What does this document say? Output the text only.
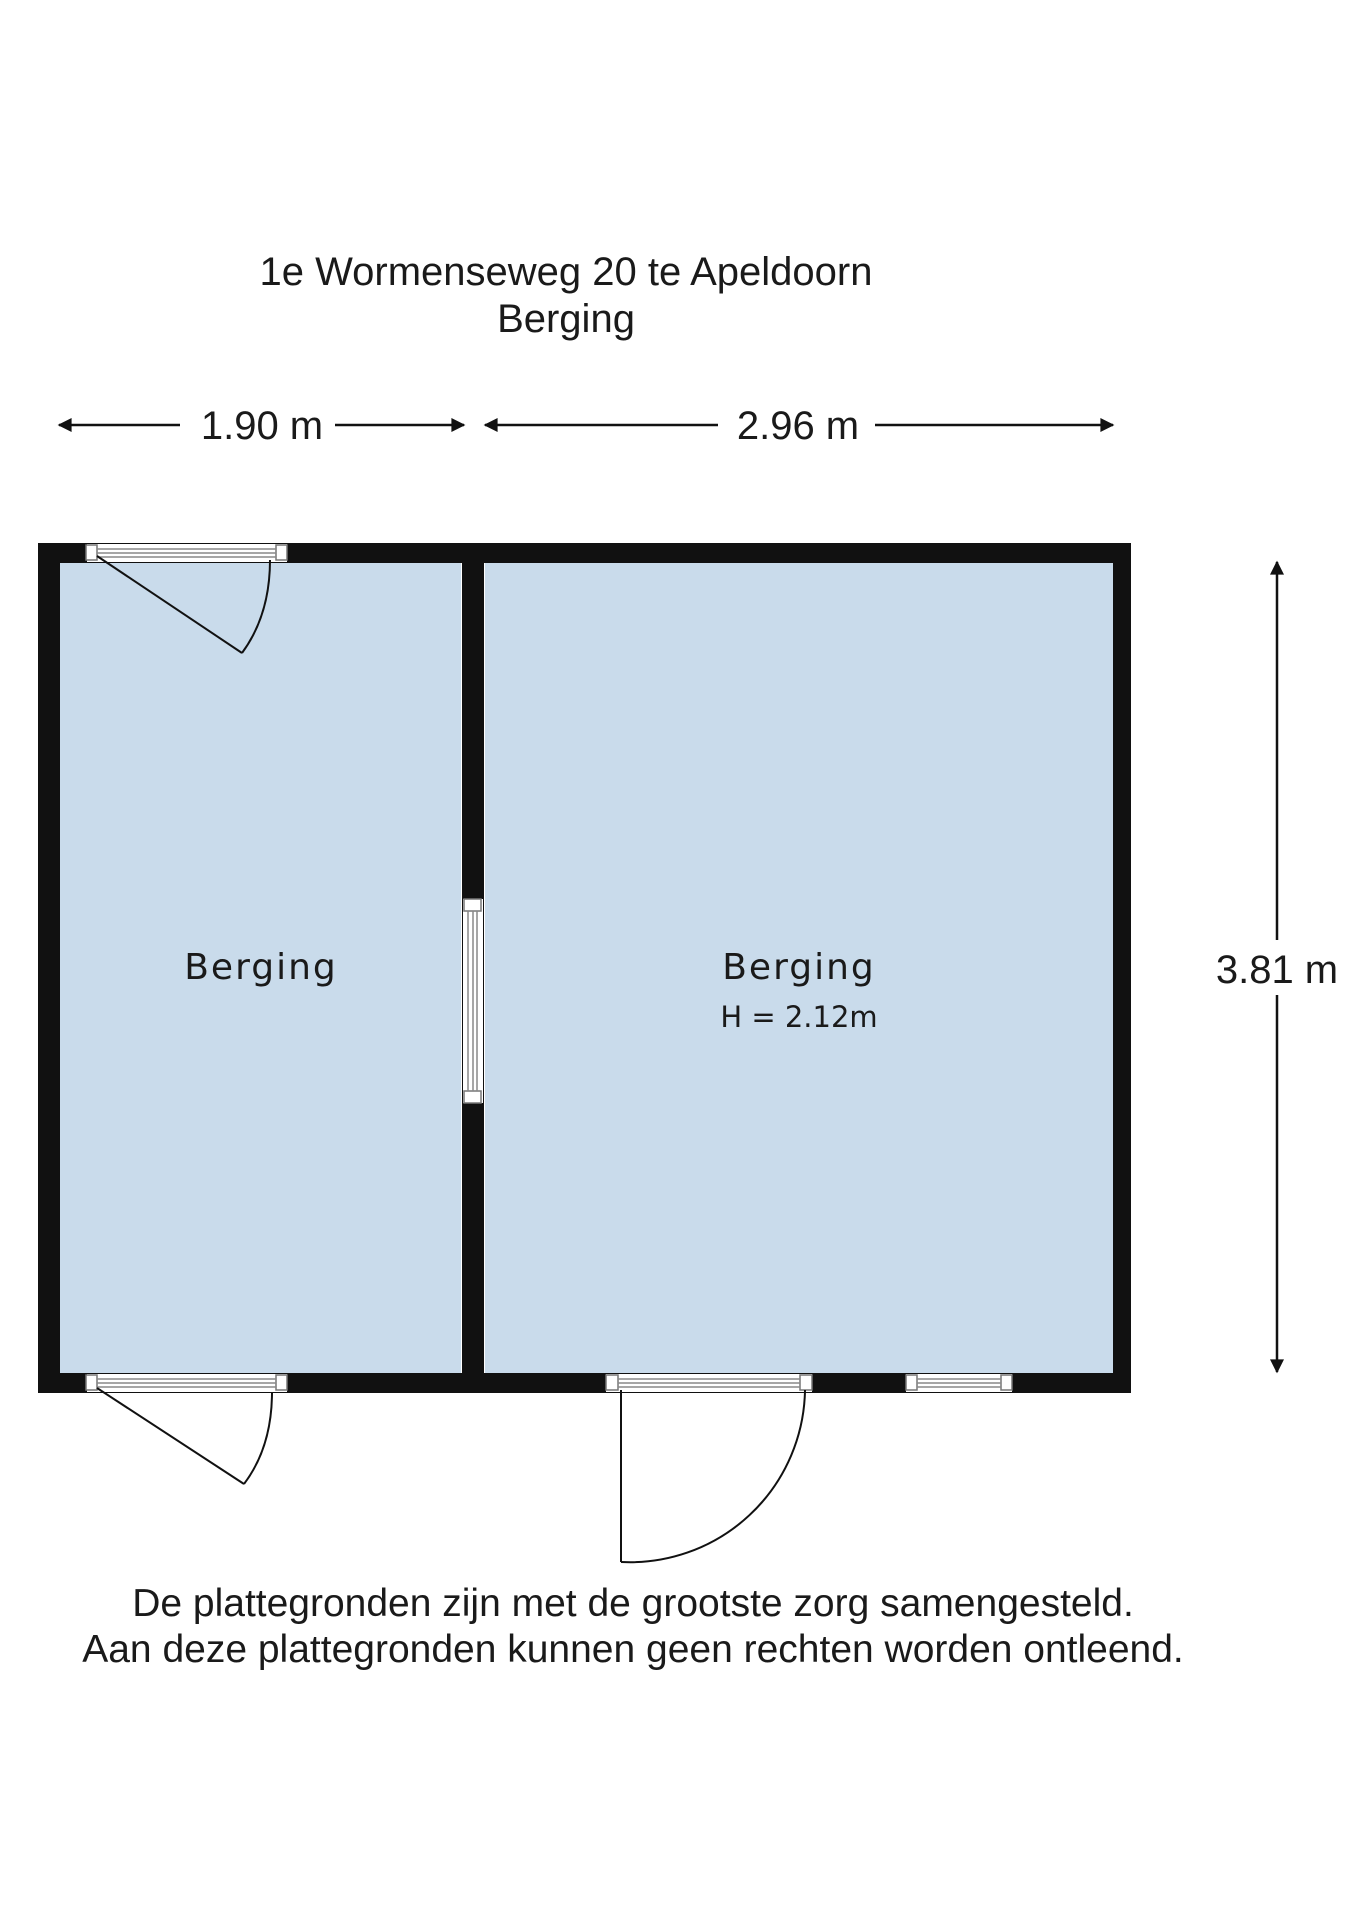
1e Wormenseweg 20 te Apeldoorn
Berging
1.90 m	2.96 m
3.81 m
Berging	Berging
H = 2.12m
De plattegronden zijn met de grootste zorg samengesteld.
Aan deze plattegronden kunnen geen rechten worden ontleend.
